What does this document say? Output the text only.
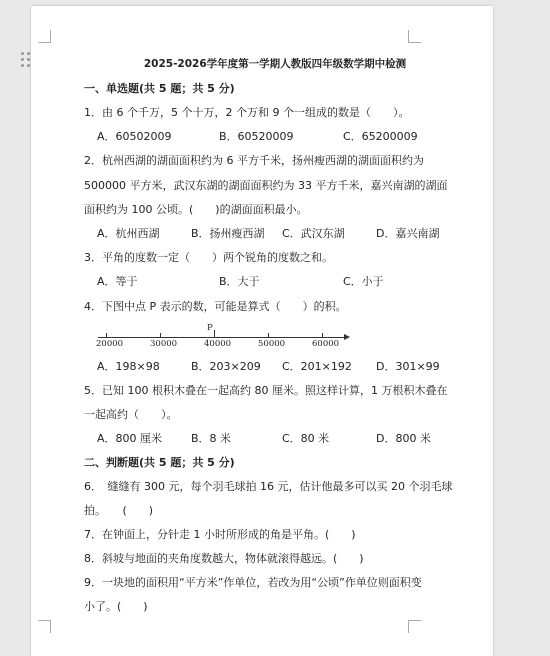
2025-2026学年度第一学期人教版四年级数学期中检测
一、单选题(共 5 题；共 5 分)
1．由 6 个千万，5 个十万，2 个万和 9 个一组成的数是（　　）。
A．60502009	B．60520009	C．65200009
2．杭州西湖的湖面面积约为 6 平方千米，扬州瘦西湖的湖面面积约为
500000 平方米，武汉东湖的湖面面积约为 33 平方千米，嘉兴南湖的湖面
面积约为 100 公顷。(　　)的湖面面积最小。
A．杭州西湖	B．扬州瘦西湖 C．武汉东湖	D．嘉兴南湖
3．平角的度数一定（　　）两个锐角的度数之和。
A．等于	B．大于	C．小于
4．下图中点 P 表示的数，可能是算式（　　）的积。
P
20000	30000	40000	50000	60000
A．198×98	B．203×209 C．201×192 D．301×99
5．已知 100 根积木叠在一起高约 80 厘米。照这样计算，1 万根积木叠在
一起高约（　　）。
A．800 厘米	B．8 米	C．80 米	D．800 米
二、判断题(共 5 题；共 5 分)
6．　缝缝有 300 元，每个羽毛球拍 16 元，估计他最多可以买 20 个羽毛球
拍。　　(　　)
7．在钟面上，分针走 1 小时所形成的角是平角。(　　)
8．斜坡与地面的夹角度数越大，物体就滚得越远。(　　)
9．一块地的面积用“平方米”作单位，若改为用“公顷”作单位则面积变
小了。(　　)
